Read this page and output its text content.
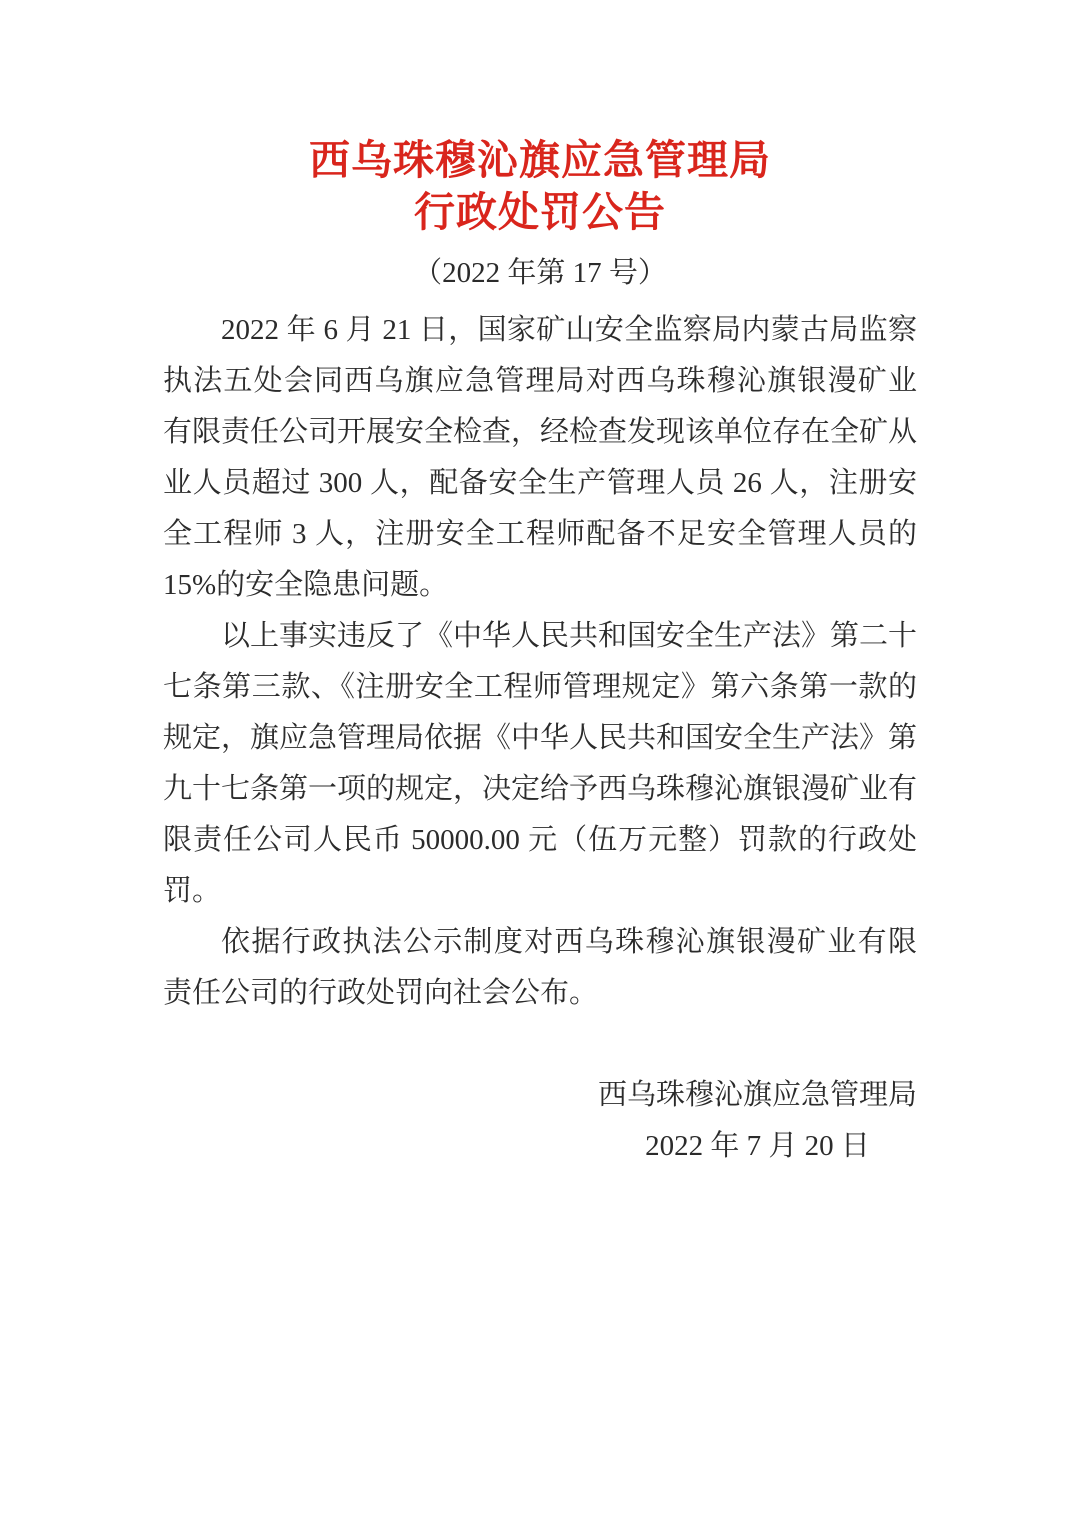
西乌珠穆沁旗应急管理局
行政处罚公告
（2022 年第 17 号）
2022 年 6 月 21 日，国家矿山安全监察局内蒙古局监察
执法五处会同西乌旗应急管理局对西乌珠穆沁旗银漫矿业
有限责任公司开展安全检查，经检查发现该单位存在全矿从
业人员超过 300 人，配备安全生产管理人员 26 人，注册安
全工程师 3 人，注册安全工程师配备不足安全管理人员的
15%的安全隐患问题。
以上事实违反了《中华人民共和国安全生产法》第二十
七条第三款、《注册安全工程师管理规定》第六条第一款的
规定，旗应急管理局依据《中华人民共和国安全生产法》第
九十七条第一项的规定，决定给予西乌珠穆沁旗银漫矿业有
限责任公司人民币 50000.00 元（伍万元整）罚款的行政处
罚。
依据行政执法公示制度对西乌珠穆沁旗银漫矿业有限
责任公司的行政处罚向社会公布。
西乌珠穆沁旗应急管理局
2022 年 7 月 20 日
